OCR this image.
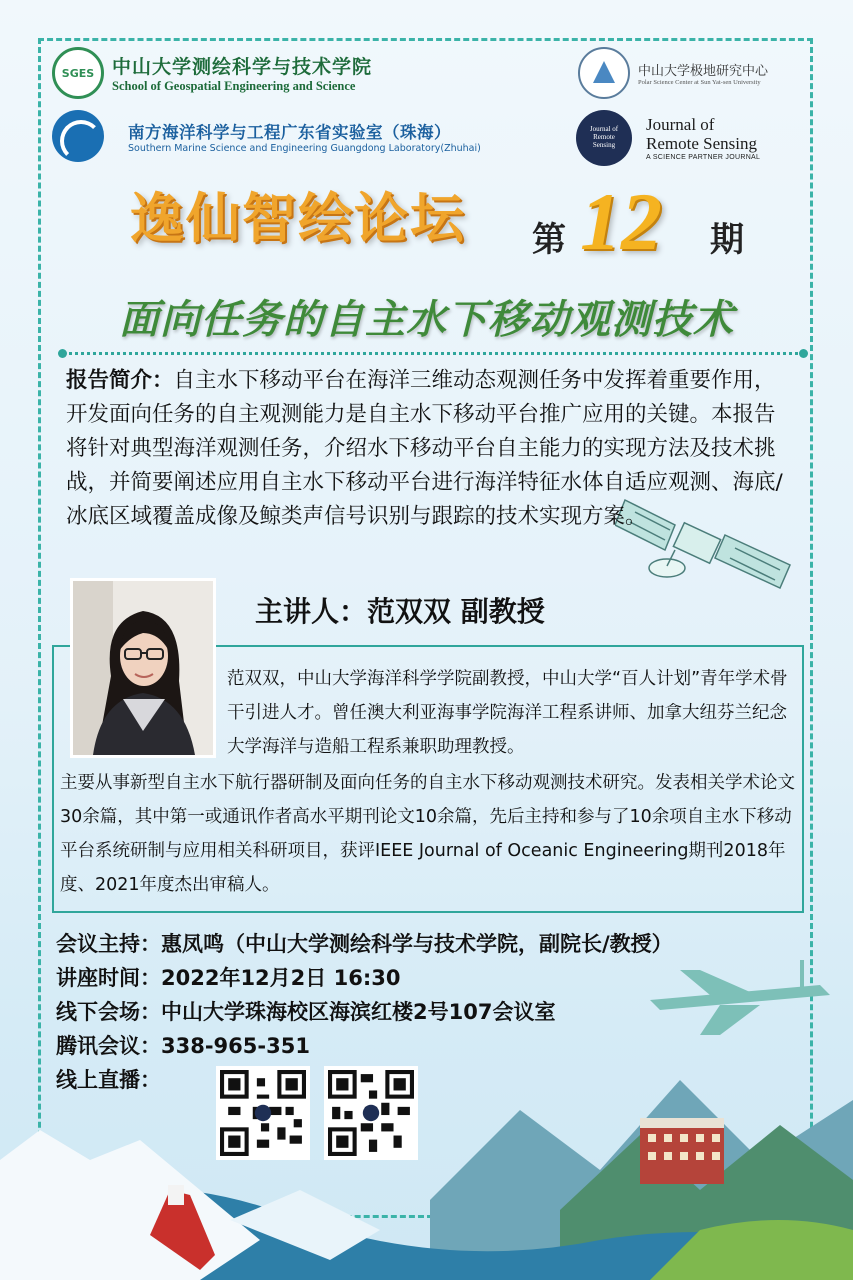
SGES 中山大学测绘科学与技术学院
School of Geospatial Engineering and Science
中山大学极地研究中心
Polar Science Center at Sun Yat-sen University
南方海洋科学与工程广东省实验室（珠海）
Southern Marine Science and Engineering Guangdong Laboratory(Zhuhai)
Journal of Remote Sensing
Journal of
Remote Sensing
A SCIENCE PARTNER JOURNAL
逸仙智绘论坛 第 12 期
面向任务的自主水下移动观测技术
报告简介：自主水下移动平台在海洋三维动态观测任务中发挥着重要作用，开发面向任务的自主观测能力是自主水下移动平台推广应用的关键。本报告将针对典型海洋观测任务，介绍水下移动平台自主能力的实现方法及技术挑战，并简要阐述应用自主水下移动平台进行海洋特征水体自适应观测、海底/冰底区域覆盖成像及鲸类声信号识别与跟踪的技术实现方案。
主讲人：范双双 副教授
范双双，中山大学海洋科学学院副教授，中山大学“百人计划”青年学术骨干引进人才。曾任澳大利亚海事学院海洋工程系讲师、加拿大纽芬兰纪念大学海洋与造船工程系兼职助理教授。
主要从事新型自主水下航行器研制及面向任务的自主水下移动观测技术研究。发表相关学术论文30余篇，其中第一或通讯作者高水平期刊论文10余篇，先后主持和参与了10余项自主水下移动平台系统研制与应用相关科研项目，获评IEEE Journal of Oceanic Engineering期刊2018年度、2021年度杰出审稿人。
会议主持：惠凤鸣（中山大学测绘科学与技术学院，副院长/教授）
讲座时间：2022年12月2日 16:30
线下会场：中山大学珠海校区海滨红楼2号107会议室
腾讯会议：338-965-351
线上直播：
